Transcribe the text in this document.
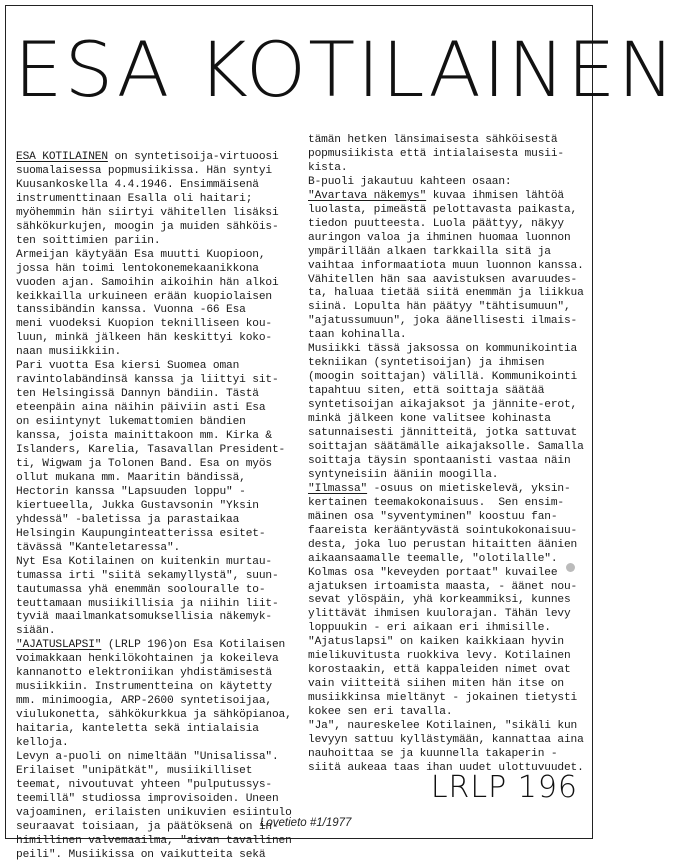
ESA KOTILAINEN
ESA KOTILAINEN on syntetisoija-virtuoosi
suomalaisessa popmusiikissa. Hän syntyi
Kuusankoskella 4.4.1946. Ensimmäisenä
instrumenttinaan Esalla oli haitari;
myöhemmin hän siirtyi vähitellen lisäksi
sähkökurkujen, moogin ja muiden sähköis-
ten soittimien pariin.
Armeijan käytyään Esa muutti Kuopioon,
jossa hän toimi lentokonemekaanikkona
vuoden ajan. Samoihin aikoihin hän alkoi
keikkailla urkuineen erään kuopiolaisen
tanssibändin kanssa. Vuonna -66 Esa
meni vuodeksi Kuopion teknilliseen kou-
luun, minkä jälkeen hän keskittyi koko-
naan musiikkiin.
Pari vuotta Esa kiersi Suomea oman
ravintolabändinsä kanssa ja liittyi sit-
ten Helsingissä Dannyn bändiin. Tästä
eteenpäin aina näihin päiviin asti Esa
on esiintynyt lukemattomien bändien
kanssa, joista mainittakoon mm. Kirka &
Islanders, Karelia, Tasavallan President-
ti, Wigwam ja Tolonen Band. Esa on myös
ollut mukana mm. Maaritin bändissä,
Hectorin kanssa "Lapsuuden loppu" -
kiertueella, Jukka Gustavsonin "Yksin
yhdessä" -baletissa ja parastaikaa
Helsingin Kaupunginteatterissa esitet-
tävässä "Kanteletaressa".
Nyt Esa Kotilainen on kuitenkin murtau-
tumassa irti "siitä sekamyllystä", suun-
tautumassa yhä enemmän soolouralle to-
teuttamaan musiikillisia ja niihin liit-
tyviä maailmankatsomuksellisia näkemyk-
siään.
"AJATUSLAPSI" (LRLP 196)on Esa Kotilaisen
voimakkaan henkilökohtainen ja kokeileva
kannanotto elektroniikan yhdistämisestä
musiikkiin. Instrumentteina on käytetty
mm. minimoogia, ARP-2600 syntetisoijaa,
viulukonetta, sähkökurkkua ja sähköpianoa,
haitaria, kanteletta sekä intialaisia
kelloja.
Levyn a-puoli on nimeltään "Unisalissa".
Erilaiset "unipätkät", musiikilliset
teemat, nivoutuvat yhteen "pulputussys-
teemillä" studiossa improvisoiden. Uneen
vajoaminen, erilaisten unikuvien esiintulo
seuraavat toisiaan, ja päätöksenä on in-
himillinen valvemaailma, "aivan tavallinen
peili". Musiikissa on vaikutteita sekä
tämän hetken länsimaisesta sähköisestä
popmusiikista että intialaisesta musii-
kista.
B-puoli jakautuu kahteen osaan:
"Avartava näkemys" kuvaa ihmisen lähtöä
luolasta, pimeästä pelottavasta paikasta,
tiedon puutteesta. Luola päättyy, näkyy
auringon valoa ja ihminen huomaa luonnon
ympärillään alkaen tarkkailla sitä ja
vaihtaa informaatiota muun luonnon kanssa.
Vähitellen hän saa aavistuksen avaruudes-
ta, haluaa tietää siitä enemmän ja liikkua
siinä. Lopulta hän päätyy "tähtisumuun",
"ajatussumuun", joka äänellisesti ilmais-
taan kohinalla.
Musiikki tässä jaksossa on kommunikointia
tekniikan (syntetisoijan) ja ihmisen
(moogin soittajan) välillä. Kommunikointi
tapahtuu siten, että soittaja säätää
syntetisoijan aikajaksot ja jännite-erot,
minkä jälkeen kone valitsee kohinasta
satunnaisesti jännitteitä, jotka sattuvat
soittajan säätämälle aikajaksolle. Samalla
soittaja täysin spontaanisti vastaa näin
syntyneisiin ääniin moogilla.
"Ilmassa" -osuus on mietiskelevä, yksin-
kertainen teemakokonaisuus.  Sen ensim-
mäinen osa "syventyminen" koostuu fan-
faareista kerääntyvästä sointukokonaisuu-
desta, joka luo perustan hitaitten äänien
aikaansaamalle teemalle, "olotilalle".
Kolmas osa "keveyden portaat" kuvailee
ajatuksen irtoamista maasta, - äänet nou-
sevat ylöspäin, yhä korkeammiksi, kunnes
ylittävät ihmisen kuulorajan. Tähän levy
loppuukin - eri aikaan eri ihmisille.
"Ajatuslapsi" on kaiken kaikkiaan hyvin
mielikuvitusta ruokkiva levy. Kotilainen
korostaakin, että kappaleiden nimet ovat
vain viitteitä siihen miten hän itse on
musiikkinsa mieltänyt - jokainen tietysti
kokee sen eri tavalla.
"Ja", naureskelee Kotilainen, "sikäli kun
levyyn sattuu kyllästymään, kannattaa aina
nauhoittaa se ja kuunnella takaperin -
siitä aukeaa taas ihan uudet ulottuvuudet.
LRLP 196
Lovetieto #1/1977
